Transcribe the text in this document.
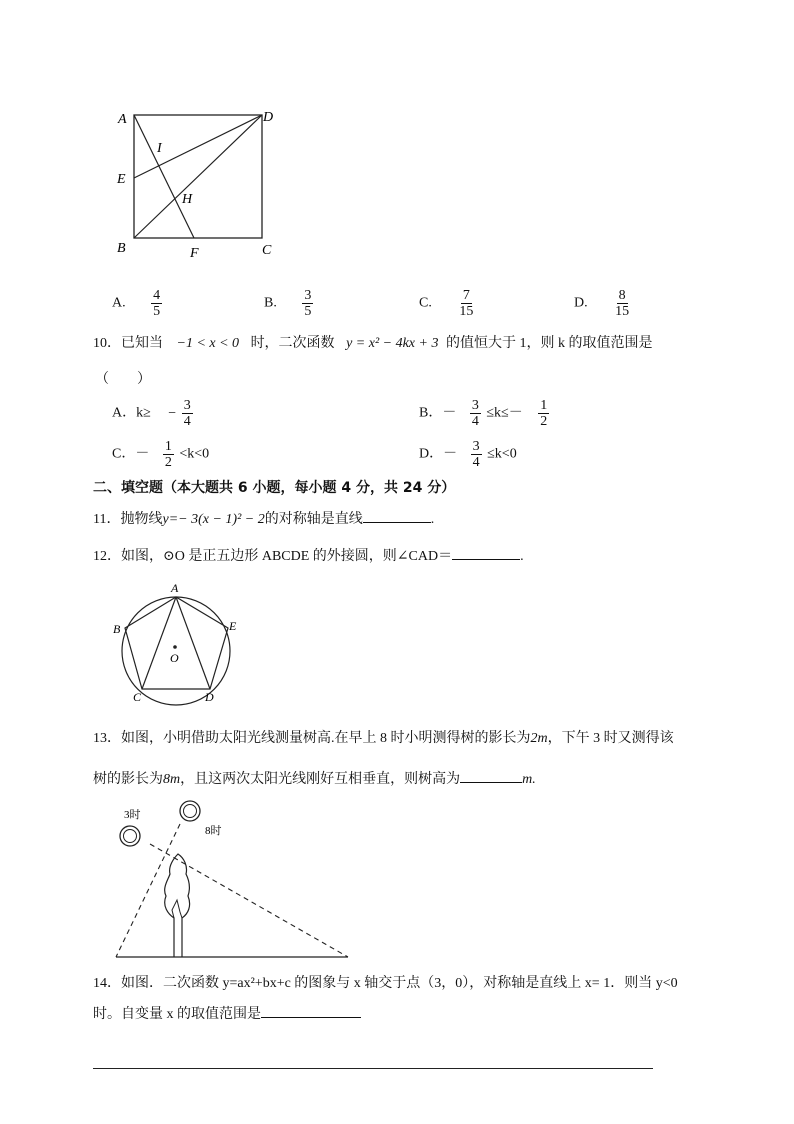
A	D
I
E
H
B	F	C
A. $\frac{4}{5}$	B. $\frac{3}{5}$	C. $\frac{7}{15}$	D. $\frac{8}{15}$
10．已知当 −1 < x < 0 时，二次函数 y = x² − 4kx + 3 的值恒大于 1，则 k 的取值范围是
（　　）
A．$k\ge - \frac{3}{4}$	B．－ $\frac{3}{4} \le k\le- \frac{1}{2}$
C．－ $\frac{1}{2} <k<0$	D．－ $\frac{3}{4} \le k<0$
二、填空题（本大题共 6 小题，每小题 4 分，共 24 分）
11．抛物线y=− 3(x − 1)² − 2的对称轴是直线	.
12．如图，⊙O 是正五边形 ABCDE 的外接圆，则∠CAD＝	.
A
B
C	D
E
O
13．如图，小明借助太阳光线测量树高.在早上 8 时小明测得树的影长为2m，下午 3 时又测得该
树的影长为8m，且这两次太阳光线刚好互相垂直，则树高为	m.
3时
8时
14．如图．二次函数 y=ax²+bx+c 的图象与 x 轴交于点（3，0），对称轴是直线上 x= 1．则当 y<0
时。自变量 x 的取值范围是
